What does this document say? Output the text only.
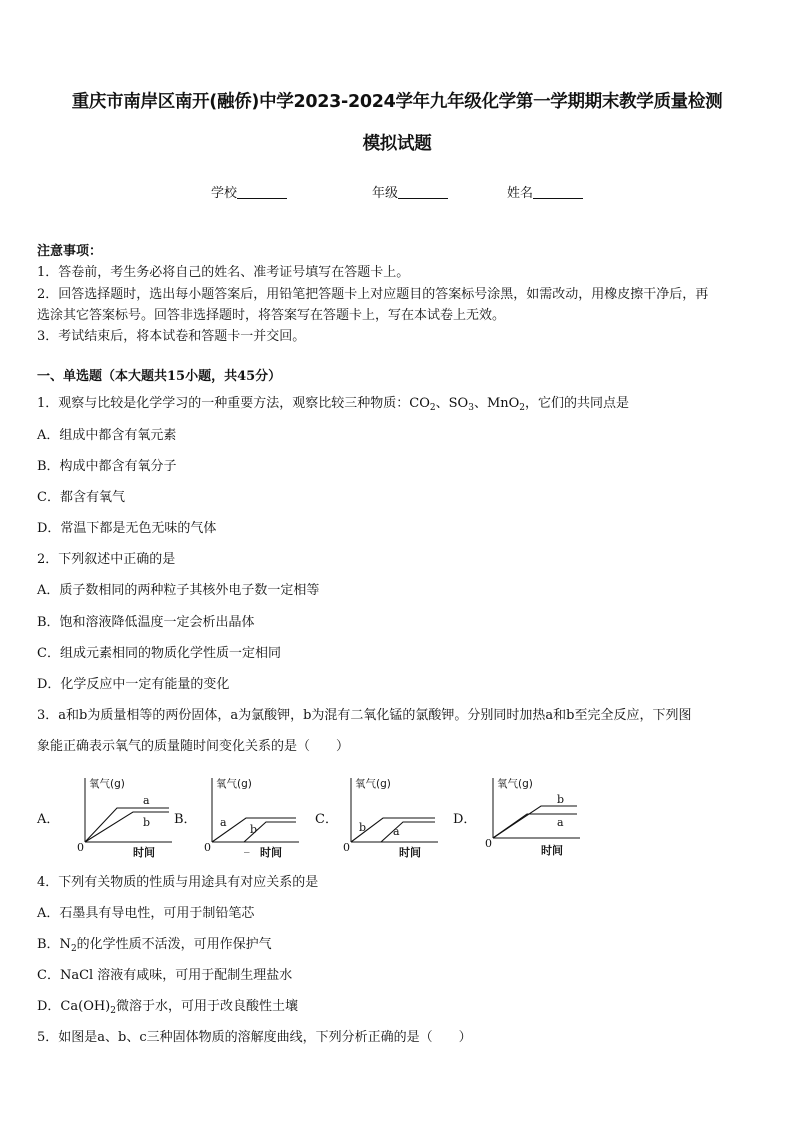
重庆市南岸区南开(融侨)中学2023-2024学年九年级化学第一学期期末教学质量检测
模拟试题
学校	年级	姓名
注意事项：
1．答卷前，考生务必将自己的姓名、准考证号填写在答题卡上。
2．回答选择题时，选出每小题答案后，用铅笔把答题卡上对应题目的答案标号涂黑，如需改动，用橡皮擦干净后，再
选涂其它答案标号。回答非选择题时，将答案写在答题卡上，写在本试卷上无效。
3．考试结束后，将本试卷和答题卡一并交回。
一、单选题（本大题共15小题，共45分）
1．观察与比较是化学学习的一种重要方法，观察比较三种物质：$CO_2$、$SO_3$、MnO$_2$，它们的共同点是
A．组成中都含有氧元素
B．构成中都含有氧分子
C．都含有氧气
D．常温下都是无色无味的气体
2．下列叙述中正确的是
A．质子数相同的两种粒子其核外电子数一定相等
B．饱和溶液降低温度一定会析出晶体
C．组成元素相同的物质化学性质一定相同
D．化学反应中一定有能量的变化
3．a和b为质量相等的两份固体，a为氯酸钾，b为混有二氧化锰的氯酸钾。分别同时加热a和b至完全反应，下列图
象能正确表示氧气的质量随时间变化关系的是（　　）
A．
氧气(g)
a
b
0	时间
B．
氧气(g)
a
b
_
0	时间
C．
氧气(g)
b a
0	时间
D．
氧气(g)
b
a
0
时间
4．下列有关物质的性质与用途具有对应关系的是
A．石墨具有导电性，可用于制铅笔芯
B．$N_2$的化学性质不活泼，可用作保护气
C．NaCl 溶液有咸味，可用于配制生理盐水
D．$Ca(OH)_2$微溶于水，可用于改良酸性土壤
5．如图是a、b、c三种固体物质的溶解度曲线，下列分析正确的是（　　）
